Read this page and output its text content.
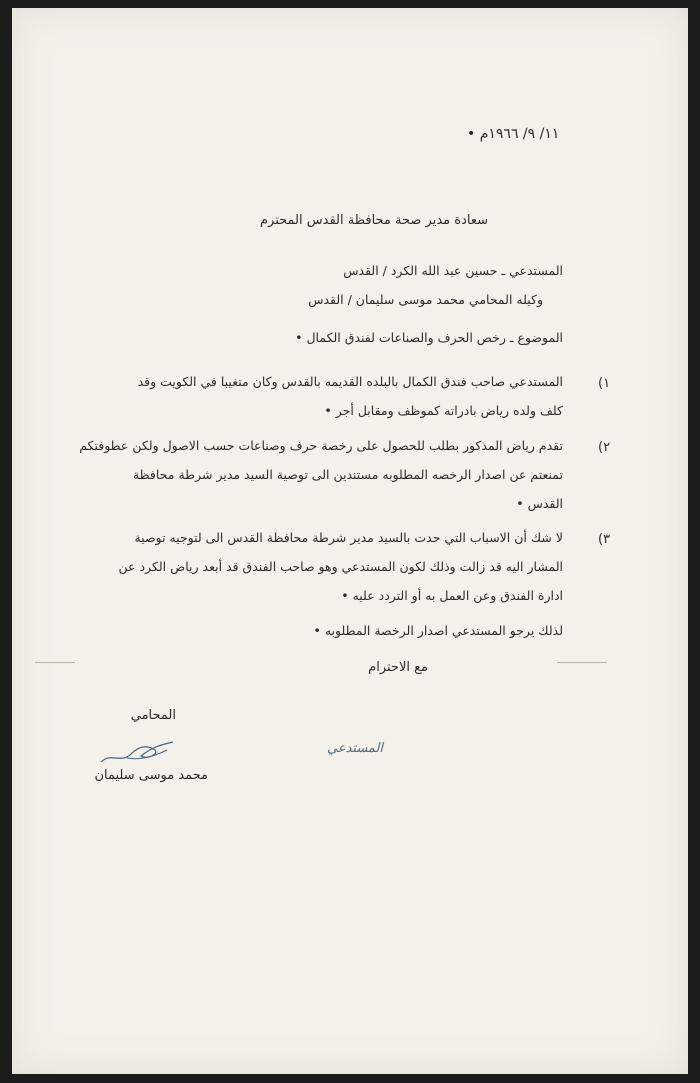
١١/ ٩/ ١٩٦٦م •
سعادة مدير صحة محافظة القدس المحترم
المستدعي ـ حسين عبد الله الكرد / القدس
وكيله المحامي محمد موسى سليمان / القدس
الموضوع ـ رخص الحرف والصناعات لفندق الكمال •
١)
المستدعي صاحب فندق الكمال بالبلده القديمه بالقدس وكان متغيبا في الكويت وقد
كلف ولده رياض بادراته كموظف ومقابل أجر •
٢)
تقدم رياض المذكور بطلب للحصول على رخصة حرف وصناعات حسب الاصول ولكن عطوفتكم
تمنعتم عن اصدار الرخصه المطلوبه مستندين الى توصية السيد مدير شرطة محافظة
القدس •
٣)
لا شك أن الاسباب التي حدت بالسيد مدير شرطة محافظة القدس الى لتوجيه توصية
المشار اليه قد زالت وذلك لكون المستدعي وهو صاحب الفندق قد أبعد رياض الكرد عن
ادارة الفندق وعن العمل به أو التردد عليه •
لذلك يرجو المستدعي اصدار الرخصة المطلوبه •
مع الاحترام
المحامي
محمد موسى سليمان
المستدعي
